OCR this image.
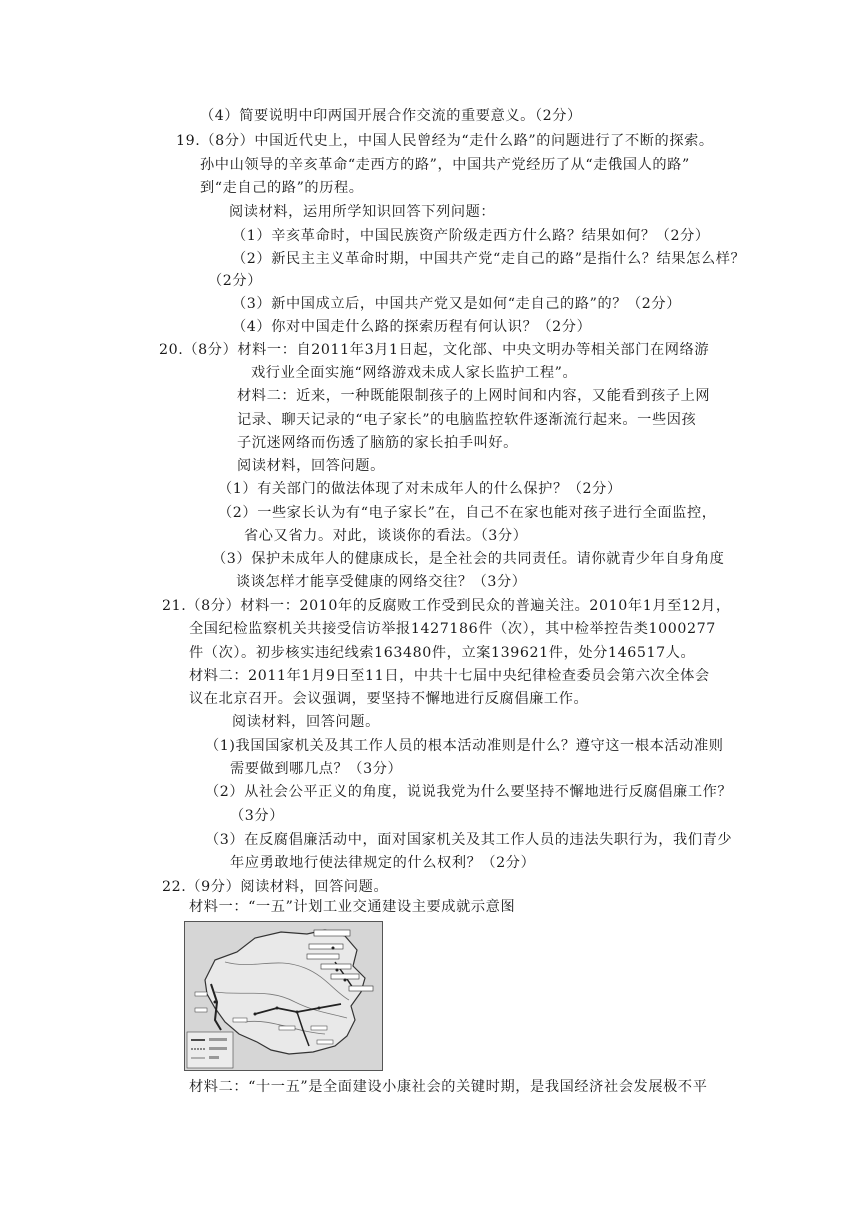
（4）简要说明中印两国开展合作交流的重要意义。（2分）
19.（8分）中国近代史上，中国人民曾经为“走什么路”的问题进行了不断的探索。
孙中山领导的辛亥革命“走西方的路”，中国共产党经历了从“走俄国人的路”
到“走自己的路”的历程。
阅读材料，运用所学知识回答下列问题：
（1）辛亥革命时，中国民族资产阶级走西方什么路？结果如何？（2分）
（2）新民主主义革命时期，中国共产党“走自己的路”是指什么？结果怎么样？
（2分）
（3）新中国成立后，中国共产党又是如何“走自己的路”的？（2分）
（4）你对中国走什么路的探索历程有何认识？（2分）
20.（8分）材料一：自2011年3月1日起，文化部、中央文明办等相关部门在网络游
戏行业全面实施“网络游戏未成人家长监护工程”。
材料二：近来，一种既能限制孩子的上网时间和内容，又能看到孩子上网
记录、聊天记录的“电子家长”的电脑监控软件逐渐流行起来。一些因孩
子沉迷网络而伤透了脑筋的家长拍手叫好。
阅读材料，回答问题。
（1）有关部门的做法体现了对未成年人的什么保护？（2分）
（2）一些家长认为有“电子家长”在，自己不在家也能对孩子进行全面监控，
省心又省力。对此，谈谈你的看法。（3分）
（3）保护未成年人的健康成长，是全社会的共同责任。请你就青少年自身角度
谈谈怎样才能享受健康的网络交往？（3分）
21.（8分）材料一：2010年的反腐败工作受到民众的普遍关注。2010年1月至12月，
全国纪检监察机关共接受信访举报1427186件（次），其中检举控告类1000277
件（次）。初步核实违纪线索163480件，立案139621件，处分146517人。
材料二：2011年1月9日至11日，中共十七届中央纪律检查委员会第六次全体会
议在北京召开。会议强调，要坚持不懈地进行反腐倡廉工作。
阅读材料，回答问题。
（1)我国国家机关及其工作人员的根本活动准则是什么？遵守这一根本活动准则
需要做到哪几点？（3分）
（2）从社会公平正义的角度，说说我党为什么要坚持不懈地进行反腐倡廉工作？
（3分）
（3）在反腐倡廉活动中，面对国家机关及其工作人员的违法失职行为，我们青少
年应勇敢地行使法律规定的什么权利？（2分）
22.（9分）阅读材料，回答问题。
材料一：“一五”计划工业交通建设主要成就示意图
材料二：“十一五”是全面建设小康社会的关键时期，是我国经济社会发展极不平
